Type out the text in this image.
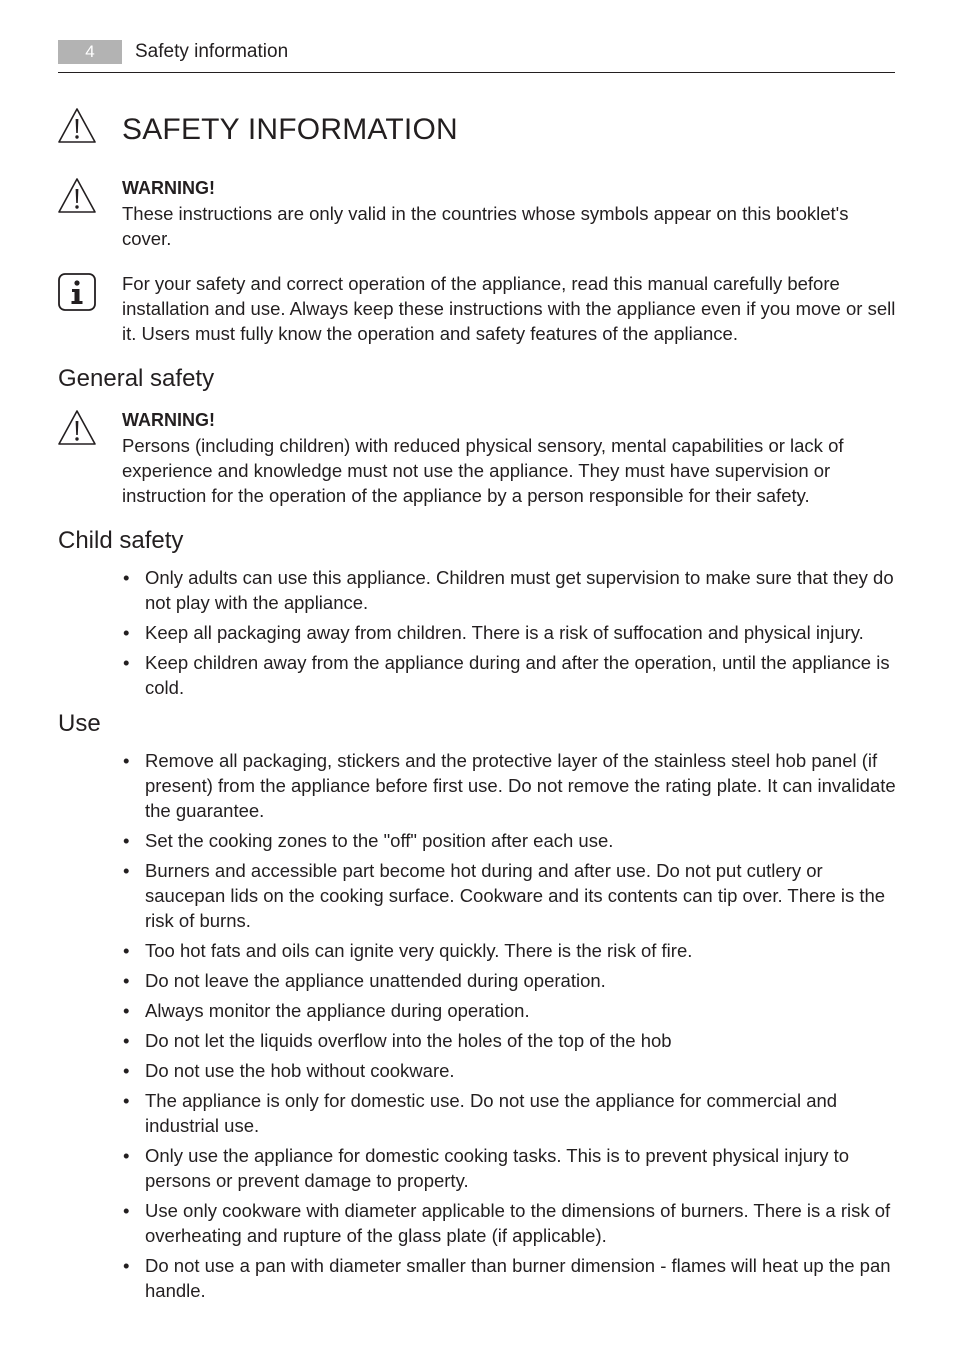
4	Safety information
SAFETY INFORMATION
WARNING!
These instructions are only valid in the countries whose symbols appear on this booklet's cover.
For your safety and correct operation of the appliance, read this manual carefully before installation and use. Always keep these instructions with the appliance even if you move or sell it. Users must fully know the operation and safety features of the appliance.
General safety
WARNING!
Persons (including children) with reduced physical sensory, mental capabilities or lack of experience and knowledge must not use the appliance. They must have supervision or instruction for the operation of the appliance by a person responsible for their safety.
Child safety
• Only adults can use this appliance. Children must get supervision to make sure that they do not play with the appliance.
• Keep all packaging away from children. There is a risk of suffocation and physical injury.
• Keep children away from the appliance during and after the operation, until the appliance is cold.
Use
• Remove all packaging, stickers and the protective layer of the stainless steel hob panel (if present) from the appliance before first use. Do not remove the rating plate. It can invalidate the guarantee.
• Set the cooking zones to the "off" position after each use.
• Burners and accessible part become hot during and after use. Do not put cutlery or saucepan lids on the cooking surface. Cookware and its contents can tip over. There is the risk of burns.
• Too hot fats and oils can ignite very quickly. There is the risk of fire.
• Do not leave the appliance unattended during operation.
• Always monitor the appliance during operation.
• Do not let the liquids overflow into the holes of the top of the hob
• Do not use the hob without cookware.
• The appliance is only for domestic use. Do not use the appliance for commercial and industrial use.
• Only use the appliance for domestic cooking tasks. This is to prevent physical injury to persons or prevent damage to property.
• Use only cookware with diameter applicable to the dimensions of burners. There is a risk of overheating and rupture of the glass plate (if applicable).
• Do not use a pan with diameter smaller than burner dimension - flames will heat up the pan handle.
